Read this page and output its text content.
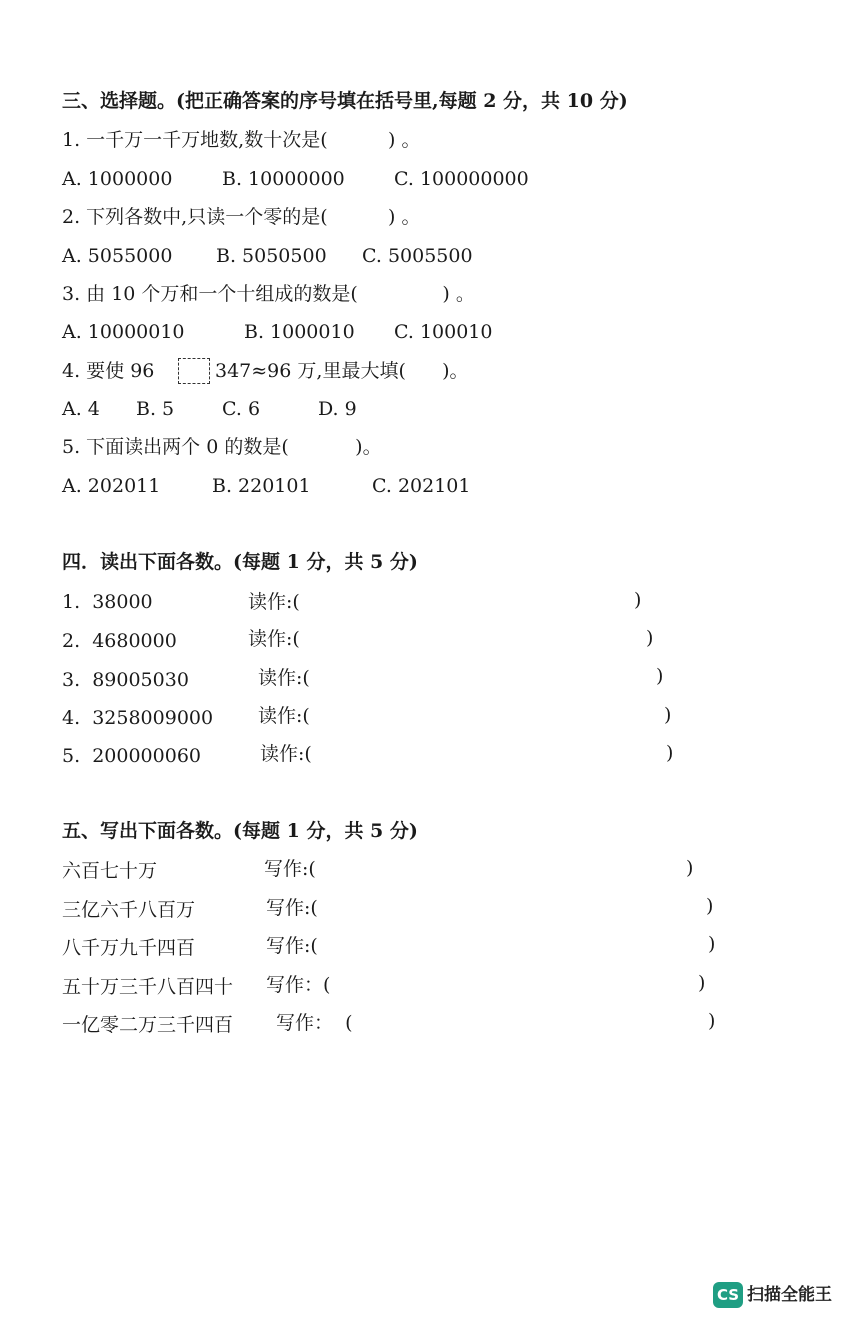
三、选择题。(把正确答案的序号填在括号里,每题 2 分，共 10 分)
1. 一千万一千万地数,数十次是(          ) 。
A. 1000000	B. 10000000	C. 100000000
2. 下列各数中,只读一个零的是(          ) 。
A. 5055000 B. 5050500 C. 5005500
3. 由 10 个万和一个十组成的数是(              ) 。
A. 10000010	B. 1000010 C. 100010
4. 要使 96	347≈96 万,里最大填(      )。
A. 4 B. 5	C. 6	D. 9
5. 下面读出两个 0 的数是(           )。
A. 202011	B. 220101	C. 202101
四．读出下面各数。(每题 1 分，共 5 分)
1.  38000	读作:(	)
2.  4680000	读作:(	)
3.  89005030	读作:(	)
4.  3258009000 读作:(	)
5.  200000060	读作:(	)
五、写出下面各数。(每题 1 分，共 5 分)
六百七十万	写作:(	)
三亿六千八百万	写作:(	)
八千万九千四百	写作:(	)
五十万三千八百四十 写作：(	)
一亿零二万三千四百 写作：  (	)
CS 扫描全能王
